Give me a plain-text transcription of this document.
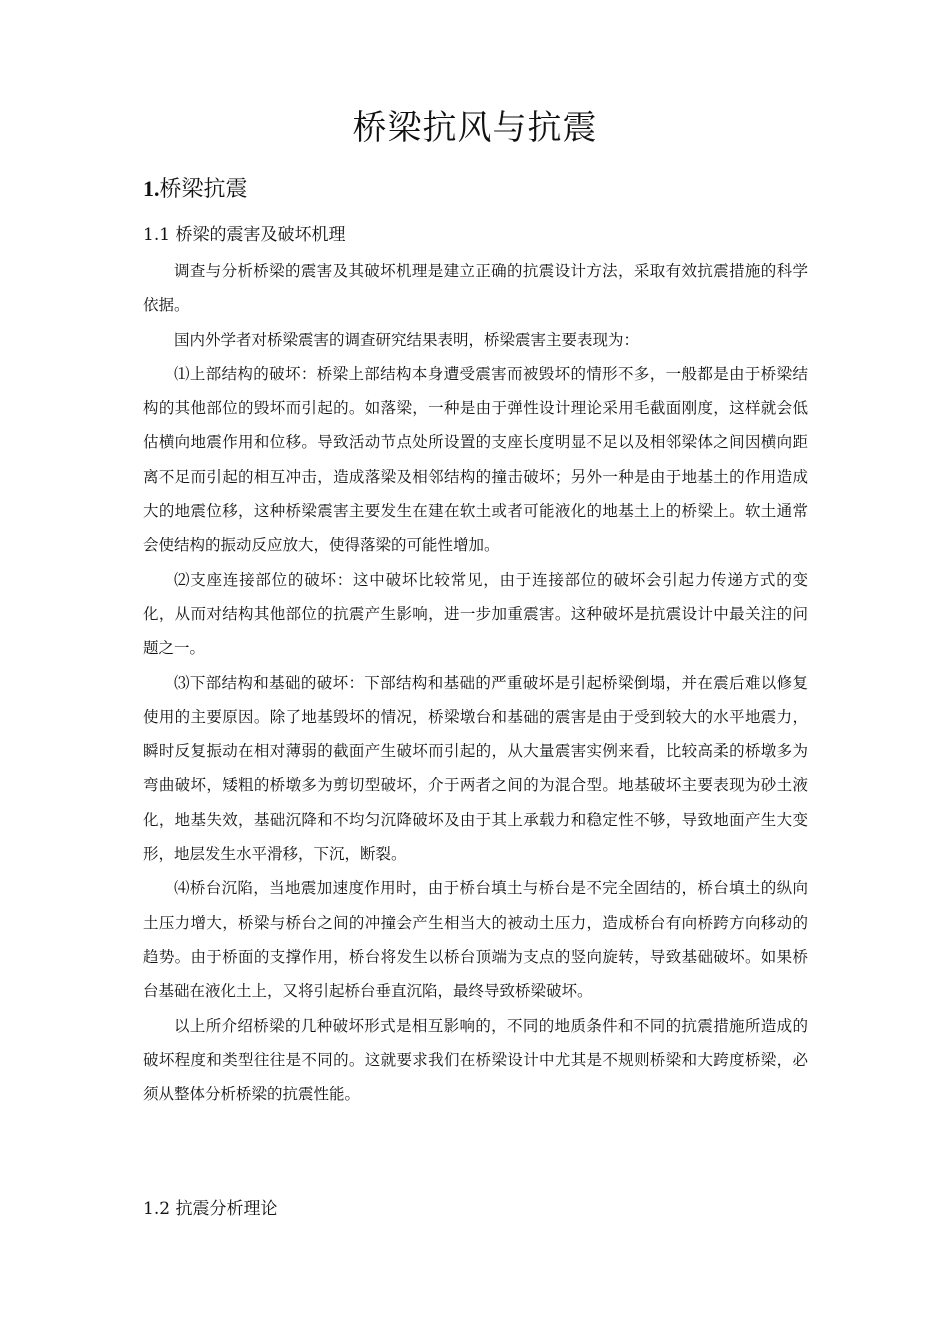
桥梁抗风与抗震
1.桥梁抗震
1.1 桥梁的震害及破坏机理

调查与分析桥梁的震害及其破坏机理是建立正确的抗震设计方法，采取有效抗震措施的科学依据。

国内外学者对桥梁震害的调查研究结果表明，桥梁震害主要表现为：

⑴上部结构的破坏：桥梁上部结构本身遭受震害而被毁坏的情形不多，一般都是由于桥梁结构的其他部位的毁坏而引起的。如落梁，一种是由于弹性设计理论采用毛截面刚度，这样就会低估横向地震作用和位移。导致活动节点处所设置的支座长度明显不足以及相邻梁体之间因横向距离不足而引起的相互冲击，造成落梁及相邻结构的撞击破坏；另外一种是由于地基土的作用造成大的地震位移，这种桥梁震害主要发生在建在软土或者可能液化的地基土上的桥梁上。软土通常会使结构的振动反应放大，使得落梁的可能性增加。

⑵支座连接部位的破坏：这中破坏比较常见，由于连接部位的破坏会引起力传递方式的变化，从而对结构其他部位的抗震产生影响，进一步加重震害。这种破坏是抗震设计中最关注的问题之一。

⑶下部结构和基础的破坏：下部结构和基础的严重破坏是引起桥梁倒塌，并在震后难以修复使用的主要原因。除了地基毁坏的情况，桥梁墩台和基础的震害是由于受到较大的水平地震力，瞬时反复振动在相对薄弱的截面产生破坏而引起的，从大量震害实例来看，比较高柔的桥墩多为弯曲破坏，矮粗的桥墩多为剪切型破坏，介于两者之间的为混合型。地基破坏主要表现为砂土液化，地基失效，基础沉降和不均匀沉降破坏及由于其上承载力和稳定性不够，导致地面产生大变形，地层发生水平滑移，下沉，断裂。

⑷桥台沉陷，当地震加速度作用时，由于桥台填土与桥台是不完全固结的，桥台填土的纵向土压力增大，桥梁与桥台之间的冲撞会产生相当大的被动土压力，造成桥台有向桥跨方向移动的趋势。由于桥面的支撑作用，桥台将发生以桥台顶端为支点的竖向旋转，导致基础破坏。如果桥台基础在液化土上，又将引起桥台垂直沉陷，最终导致桥梁破坏。

以上所介绍桥梁的几种破坏形式是相互影响的，不同的地质条件和不同的抗震措施所造成的破坏程度和类型往往是不同的。这就要求我们在桥梁设计中尤其是不规则桥梁和大跨度桥梁，必须从整体分析桥梁的抗震性能。

1.2 抗震分析理论
